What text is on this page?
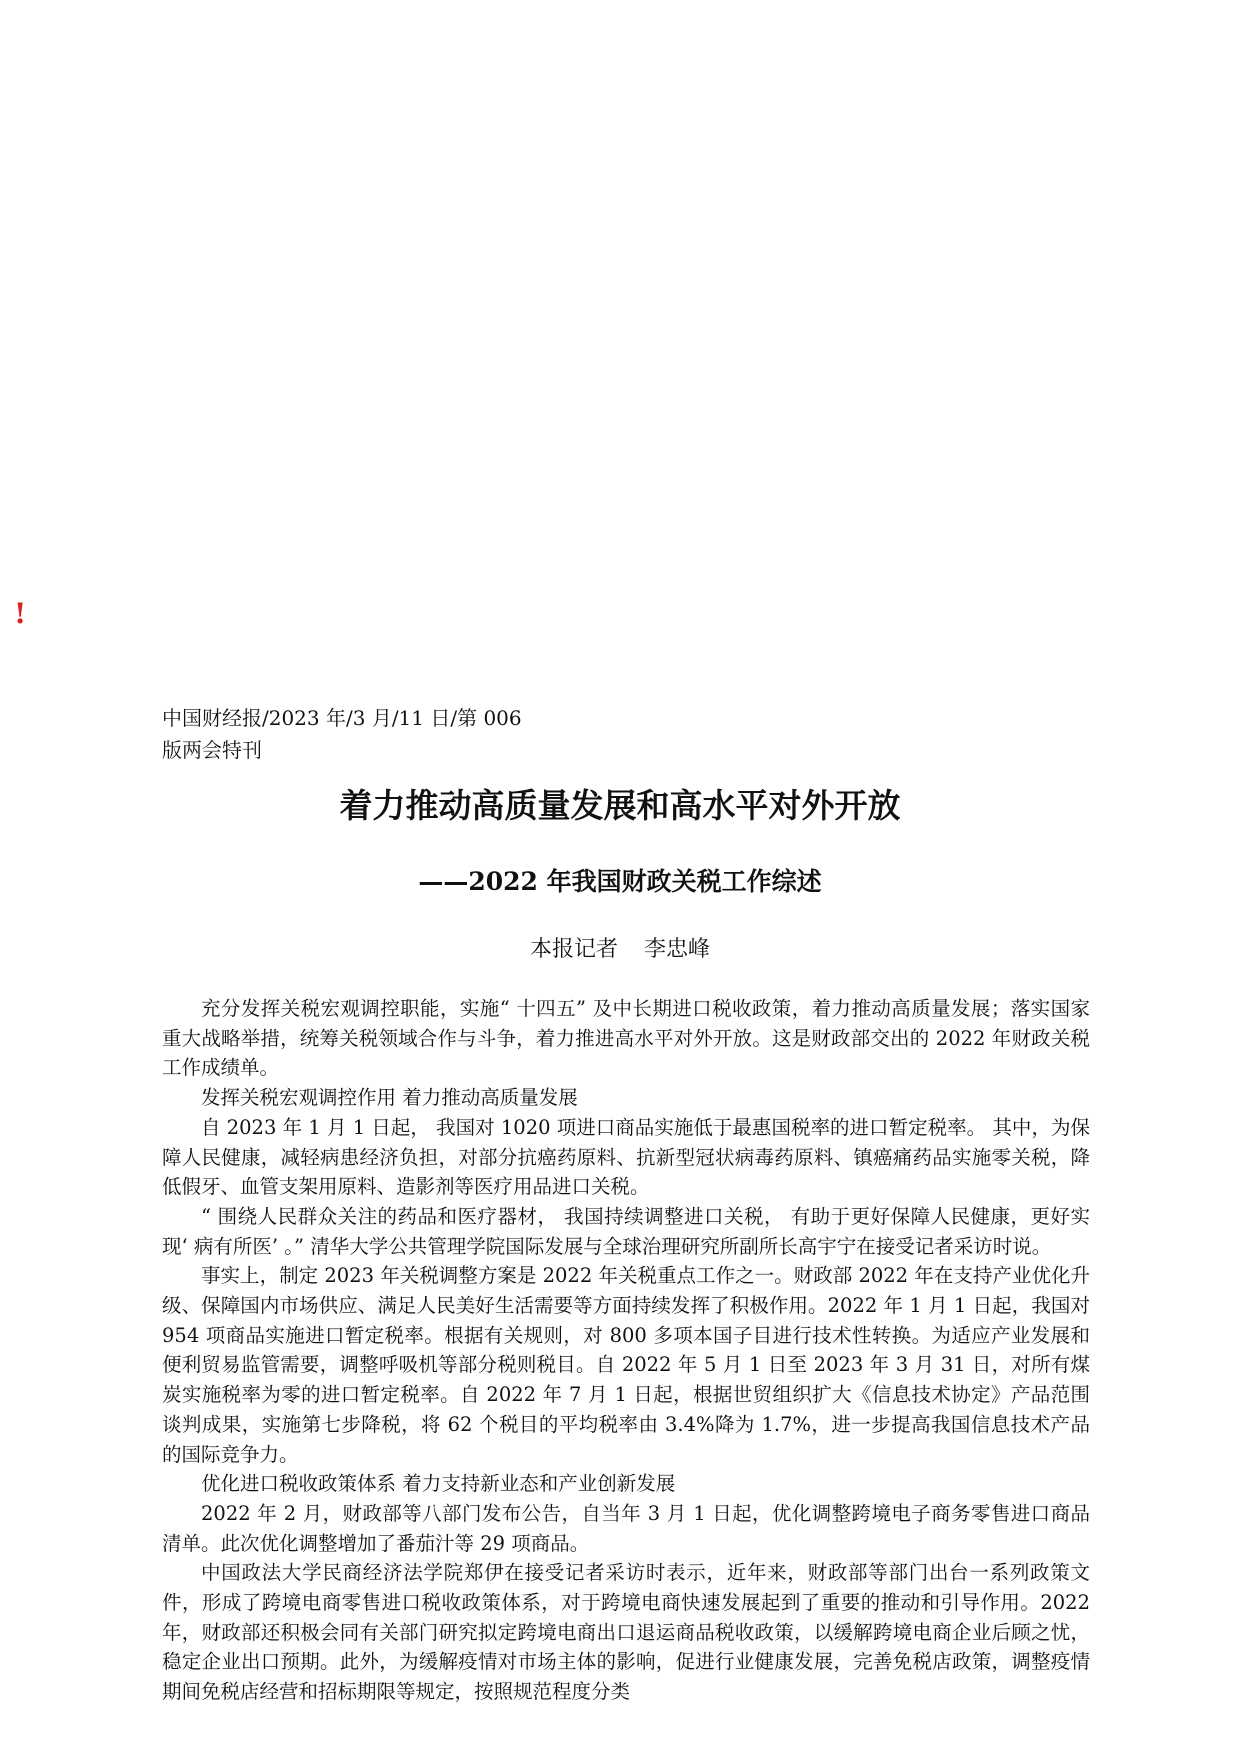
!
中国财经报/2023 年/3 月/11 日/第 006
版两会特刊
着力推动高质量发展和高水平对外开放
——2022 年我国财政关税工作综述
本报记者 李忠峰

充分发挥关税宏观调控职能，实施“ 十四五” 及中长期进口税收政策，着力推动高质量发展；落实国家重大战略举措，统筹关税领域合作与斗争，着力推进高水平对外开放。这是财政部交出的 2022 年财政关税工作成绩单。

发挥关税宏观调控作用 着力推动高质量发展

自 2023 年 1 月 1 日起， 我国对 1020 项进口商品实施低于最惠国税率的进口暂定税率。 其中，为保障人民健康，减轻病患经济负担，对部分抗癌药原料、抗新型冠状病毒药原料、镇癌痛药品实施零关税，降低假牙、血管支架用原料、造影剂等医疗用品进口关税。

“ 围绕人民群众关注的药品和医疗器材， 我国持续调整进口关税， 有助于更好保障人民健康，更好实现‘ 病有所医’ 。” 清华大学公共管理学院国际发展与全球治理研究所副所长高宇宁在接受记者采访时说。

事实上，制定 2023 年关税调整方案是 2022 年关税重点工作之一。财政部 2022 年在支持产业优化升级、保障国内市场供应、满足人民美好生活需要等方面持续发挥了积极作用。2022 年 1 月 1 日起，我国对 954 项商品实施进口暂定税率。根据有关规则，对 800 多项本国子目进行技术性转换。为适应产业发展和便利贸易监管需要，调整呼吸机等部分税则税目。自 2022 年 5 月 1 日至 2023 年 3 月 31 日，对所有煤炭实施税率为零的进口暂定税率。自 2022 年 7 月 1 日起，根据世贸组织扩大《信息技术协定》产品范围谈判成果，实施第七步降税，将 62 个税目的平均税率由 3.4%降为 1.7%，进一步提高我国信息技术产品的国际竞争力。

优化进口税收政策体系 着力支持新业态和产业创新发展

2022 年 2 月，财政部等八部门发布公告，自当年 3 月 1 日起，优化调整跨境电子商务零售进口商品清单。此次优化调整增加了番茄汁等 29 项商品。

中国政法大学民商经济法学院郑伊在接受记者采访时表示，近年来，财政部等部门出台一系列政策文件，形成了跨境电商零售进口税收政策体系，对于跨境电商快速发展起到了重要的推动和引导作用。2022 年，财政部还积极会同有关部门研究拟定跨境电商出口退运商品税收政策，以缓解跨境电商企业后顾之忧，稳定企业出口预期。此外，为缓解疫情对市场主体的影响，促进行业健康发展，完善免税店政策，调整疫情期间免税店经营和招标期限等规定，按照规范程度分类
